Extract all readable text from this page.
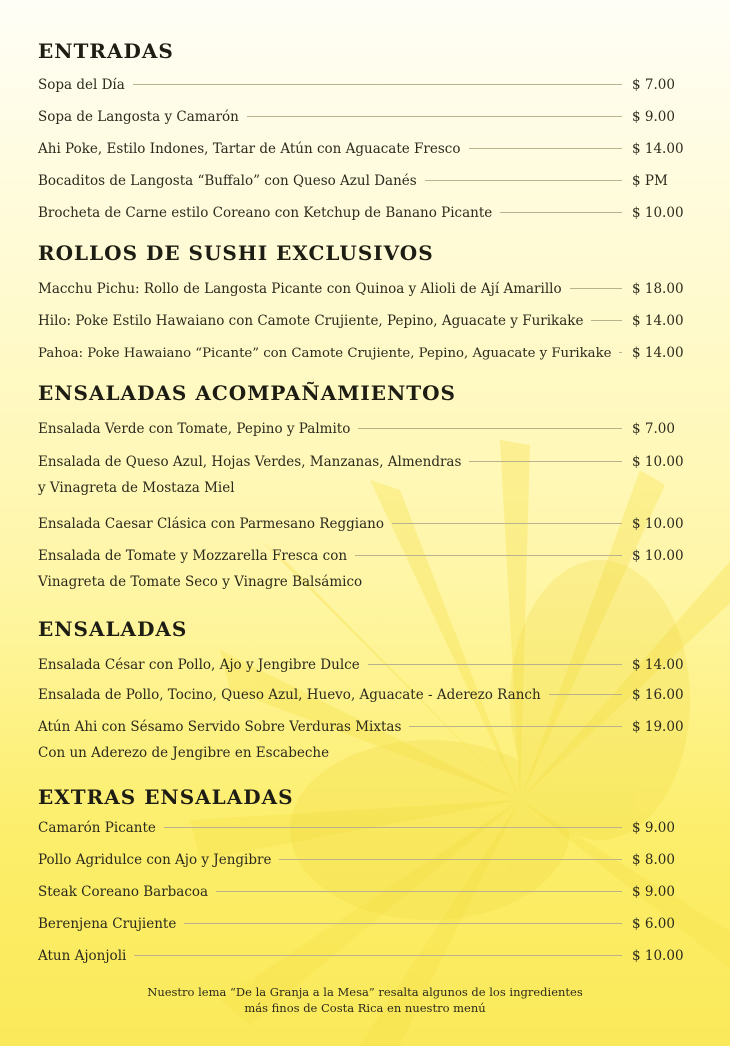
ENTRADAS
Sopa del Día	$ 7.00
Sopa de Langosta y Camarón	$ 9.00
Ahi Poke, Estilo Indones, Tartar de Atún con Aguacate Fresco	$ 14.00
Bocaditos de Langosta “Buffalo” con Queso Azul Danés	$ PM
Brocheta de Carne estilo Coreano con Ketchup de Banano Picante	$ 10.00
ROLLOS DE SUSHI EXCLUSIVOS
Macchu Pichu: Rollo de Langosta Picante con Quinoa y Alioli de Ají Amarillo	$ 18.00
Hilo: Poke Estilo Hawaiano con Camote Crujiente, Pepino, Aguacate y Furikake	$ 14.00
Pahoa: Poke Hawaiano “Picante” con Camote Crujiente, Pepino, Aguacate y Furikake $ 14.00
ENSALADAS ACOMPAÑAMIENTOS
Ensalada Verde con Tomate, Pepino y Palmito	$ 7.00
Ensalada de Queso Azul, Hojas Verdes, Manzanas, Almendras	$ 10.00
y Vinagreta de Mostaza Miel
Ensalada Caesar Clásica con Parmesano Reggiano	$ 10.00
Ensalada de Tomate y Mozzarella Fresca con	$ 10.00
Vinagreta de Tomate Seco y Vinagre Balsámico
ENSALADAS
Ensalada César con Pollo, Ajo y Jengibre Dulce	$ 14.00
Ensalada de Pollo, Tocino, Queso Azul, Huevo, Aguacate - Aderezo Ranch	$ 16.00
Atún Ahi con Sésamo Servido Sobre Verduras Mixtas	$ 19.00
Con un Aderezo de Jengibre en Escabeche
EXTRAS ENSALADAS
Camarón Picante	$ 9.00
Pollo Agridulce con Ajo y Jengibre	$ 8.00
Steak Coreano Barbacoa	$ 9.00
Berenjena Crujiente	$ 6.00
Atun Ajonjoli	$ 10.00
Nuestro lema “De la Granja a la Mesa” resalta algunos de los ingredientes
más finos de Costa Rica en nuestro menú
